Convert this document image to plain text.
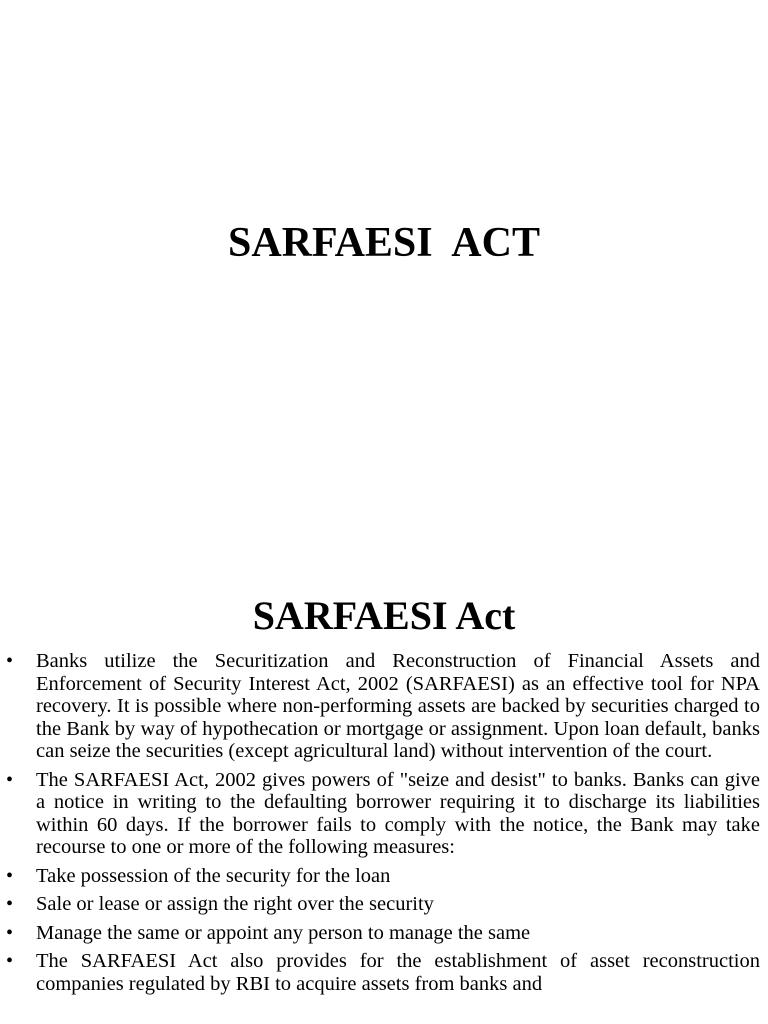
SARFAESI  ACT
SARFAESI Act
• Banks utilize the Securitization and Reconstruction of Financial Assets and Enforcement of Security Interest Act, 2002 (SARFAESI) as an effective tool for NPA recovery. It is possible where non-performing assets are backed by securities charged to the Bank by way of hypothecation or mortgage or assignment. Upon loan default, banks can seize the securities (except agricultural land) without intervention of the court.
• The SARFAESI Act, 2002 gives powers of "seize and desist" to banks. Banks can give a notice in writing to the defaulting borrower requiring it to discharge its liabilities within 60 days. If the borrower fails to comply with the notice, the Bank may take recourse to one or more of the following measures:
• Take possession of the security for the loan
• Sale or lease or assign the right over the security
• Manage the same or appoint any person to manage the same
• The SARFAESI Act also provides for the establishment of asset reconstruction companies regulated by RBI to acquire assets from banks and
